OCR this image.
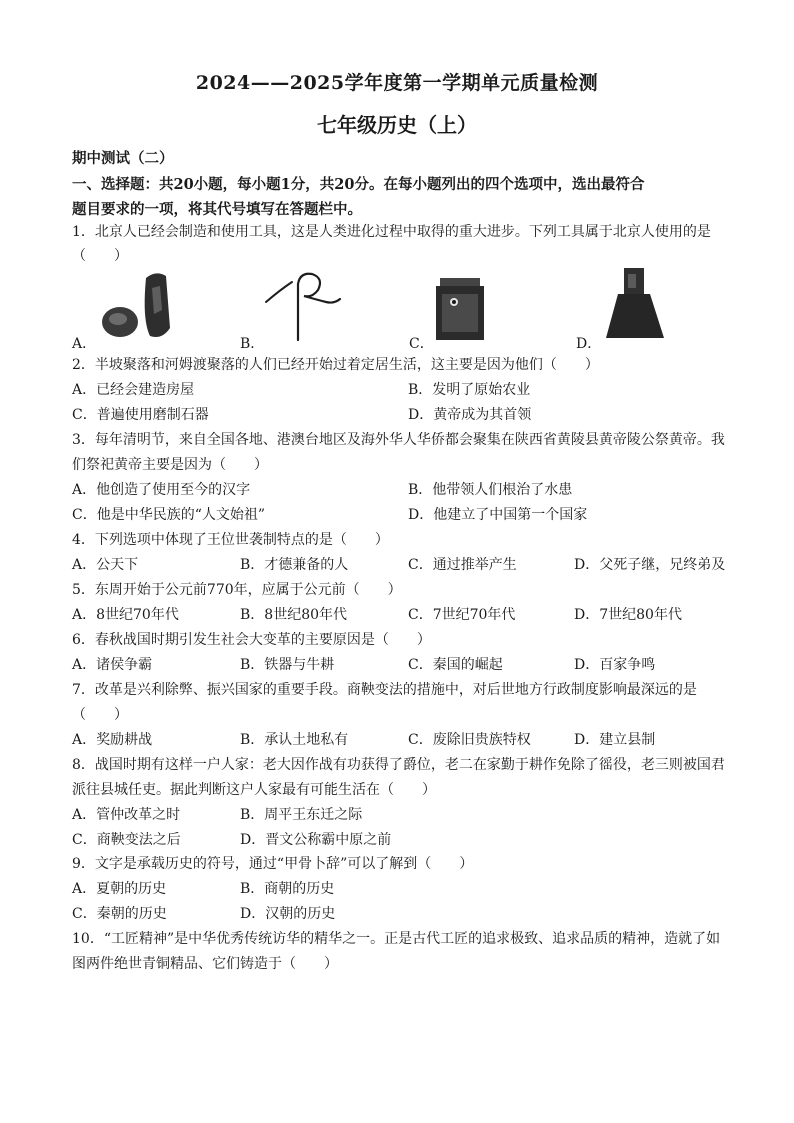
2024——2025学年度第一学期单元质量检测
七年级历史（上）
期中测试（二）
一、选择题：共20小题，每小题1分，共20分。在每小题列出的四个选项中，选出最符合
题目要求的一项，将其代号填写在答题栏中。
1．北京人已经会制造和使用工具，这是人类进化过程中取得的重大进步。下列工具属于北京人使用的是
（　　）
A．	B．	C．	D．
2．半坡聚落和河姆渡聚落的人们已经开始过着定居生活，这主要是因为他们（　　）
A．已经会建造房屋	B．发明了原始农业
C．普遍使用磨制石器	D．黄帝成为其首领
3．每年清明节，来自全国各地、港澳台地区及海外华人华侨都会聚集在陕西省黄陵县黄帝陵公祭黄帝。我
们祭祀黄帝主要是因为（　　）
A．他创造了使用至今的汉字	B．他带领人们根治了水患
C．他是中华民族的“人文始祖”	D．他建立了中国第一个国家
4．下列选项中体现了王位世袭制特点的是（　　）
A．公天下	B．才德兼备的人	C．通过推举产生	D．父死子继，兄终弟及
5．东周开始于公元前770年，应属于公元前（　　）
A．8世纪70年代	B．8世纪80年代	C．7世纪70年代	D．7世纪80年代
6．春秋战国时期引发生社会大变革的主要原因是（　　）
A．诸侯争霸	B．铁器与牛耕	C．秦国的崛起	D．百家争鸣
7．改革是兴利除弊、振兴国家的重要手段。商鞅变法的措施中，对后世地方行政制度影响最深远的是
（　　）
A．奖励耕战	B．承认土地私有	C．废除旧贵族特权	D．建立县制
8．战国时期有这样一户人家：老大因作战有功获得了爵位，老二在家勤于耕作免除了徭役，老三则被国君
派往县城任吏。据此判断这户人家最有可能生活在（　　）
A．管仲改革之时	B．周平王东迁之际
C．商鞅变法之后	D．晋文公称霸中原之前
9．文字是承载历史的符号，通过“甲骨卜辞”可以了解到（　　）
A．夏朝的历史	B．商朝的历史
C．秦朝的历史	D．汉朝的历史
10．“工匠精神”是中华优秀传统访华的精华之一。正是古代工匠的追求极致、追求品质的精神，造就了如
图两件绝世青铜精品、它们铸造于（　　）
